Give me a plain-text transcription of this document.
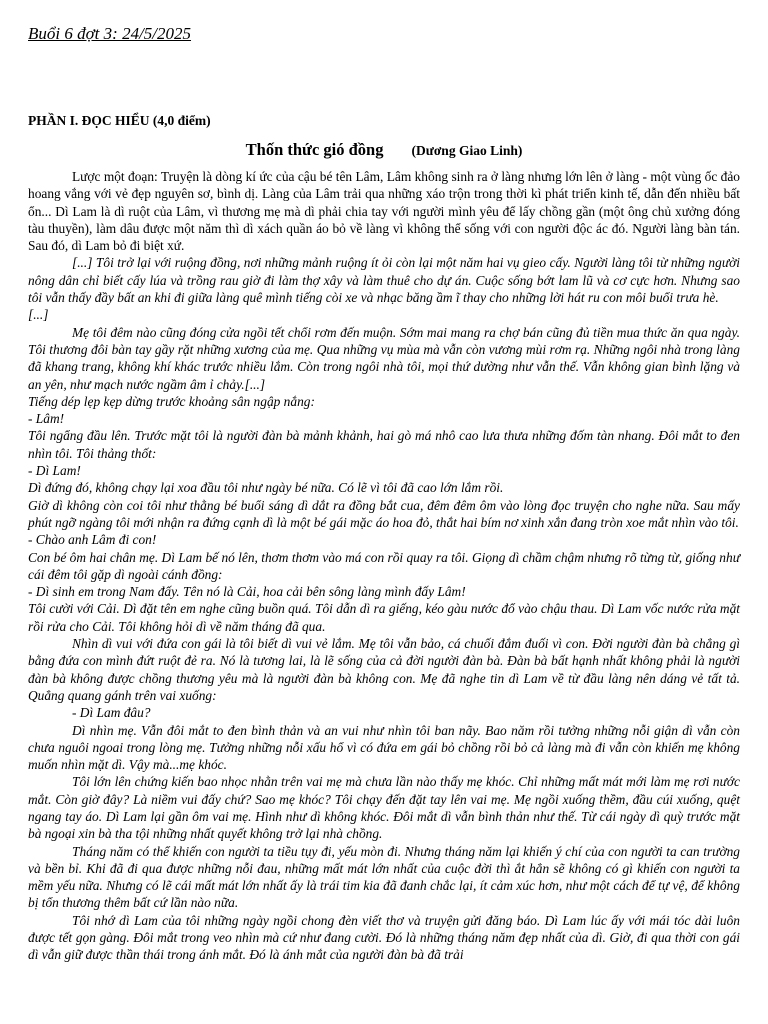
Buổi 6 đợt 3: 24/5/2025
PHẦN I. ĐỌC HIỂU (4,0 điểm)
Thốn thức gió đồng (Dương Giao Linh)

Lược một đoạn: Truyện là dòng kí ức của cậu bé tên Lâm, Lâm không sinh ra ở làng nhưng lớn lên ở làng - một vùng ốc đảo hoang vắng với vẻ đẹp nguyên sơ, bình dị. Làng của Lâm trải qua những xáo trộn trong thời kì phát triển kinh tế, dẫn đến nhiều bất ổn... Dì Lam là dì ruột của Lâm, vì thương mẹ mà dì phải chia tay với người mình yêu để lấy chồng gần (một ông chủ xưởng đóng tàu thuyền), làm dâu được một năm thì dì xách quần áo bỏ về làng vì không thể sống với con người độc ác đó. Người làng bàn tán. Sau đó, dì Lam bỏ đi biệt xứ.

[...] Tôi trở lại với ruộng đồng, nơi những mảnh ruộng ít ỏi còn lại một năm hai vụ gieo cấy. Người làng tôi từ những người nông dân chỉ biết cấy lúa và trồng rau giờ đi làm thợ xây và làm thuê cho dự án. Cuộc sống bớt lam lũ và cơ cực hơn. Nhưng sao tôi vẫn thấy đầy bất an khi đi giữa làng quê mình tiếng còi xe và nhạc băng ầm ĩ thay cho những lời hát ru con môi buổi trưa hè.

[...]

Mẹ tôi đêm nào cũng đóng cửa ngồi tết chổi rơm đến muộn. Sớm mai mang ra chợ bán cũng đủ tiền mua thức ăn qua ngày. Tôi thương đôi bàn tay gầy rặt những xương của mẹ. Qua những vụ mùa mà vẫn còn vương mùi rơm rạ. Những ngôi nhà trong làng đã khang trang, không khí khác trước nhiều lắm. Còn trong ngôi nhà tôi, mọi thứ dường như vẫn thế. Vẫn không gian bình lặng và an yên, như mạch nước ngầm âm ỉ chảy.[...]

Tiếng dép lẹp kẹp dừng trước khoảng sân ngập nắng:

- Lâm!

Tôi ngẩng đầu lên. Trước mặt tôi là người đàn bà mảnh khảnh, hai gò má nhô cao lưa thưa những đốm tàn nhang. Đôi mắt to đen nhìn tôi. Tôi thảng thốt:

- Dì Lam!

Dì đứng đó, không chạy lại xoa đầu tôi như ngày bé nữa. Có lẽ vì tôi đã cao lớn lắm rồi.

Giờ dì không còn coi tôi như thằng bé buổi sáng dì dắt ra đồng bắt cua, đêm đêm ôm vào lòng đọc truyện cho nghe nữa. Sau mấy phút ngỡ ngàng tôi mới nhận ra đứng cạnh dì là một bé gái mặc áo hoa đỏ, thắt hai bím nơ xinh xắn đang tròn xoe mắt nhìn vào tôi.

- Chào anh Lâm đi con!

Con bé ôm hai chân mẹ. Dì Lam bế nó lên, thơm thơm vào má con rồi quay ra tôi. Giọng dì chầm chậm nhưng rõ từng từ, giống như cái đêm tôi gặp dì ngoài cánh đồng:

- Dì sinh em trong Nam đấy. Tên nó là Cải, hoa cải bên sông làng mình đấy Lâm!

Tôi cười với Cải. Dì đặt tên em nghe cũng buồn quá. Tôi dẫn dì ra giếng, kéo gàu nước đổ vào chậu thau. Dì Lam vốc nước rửa mặt rồi rửa cho Cải. Tôi không hỏi dì về năm tháng đã qua.

Nhìn dì vui với đứa con gái là tôi biết dì vui vẻ lắm. Mẹ tôi vẫn bảo, cá chuối đắm đuối vì con. Đời người đàn bà chẳng gì bằng đứa con mình đứt ruột đẻ ra. Nó là tương lai, là lẽ sống của cả đời người đàn bà. Đàn bà bất hạnh nhất không phải là người đàn bà không được chồng thương yêu mà là người đàn bà không con. Mẹ đã nghe tin dì Lam về từ đầu làng nên dáng vẻ tất tả. Quẳng quang gánh trên vai xuống:

- Dì Lam đâu?

Dì nhìn mẹ. Vẫn đôi mắt to đen bình thản và an vui như nhìn tôi ban nãy. Bao năm rồi tưởng những nỗi giận dì vẫn còn chưa nguôi ngoai trong lòng mẹ. Tưởng những nỗi xấu hổ vì có đứa em gái bỏ chồng rồi bỏ cả làng mà đi vẫn còn khiến mẹ không muốn nhìn mặt dì. Vậy mà...mẹ khóc.

Tôi lớn lên chứng kiến bao nhọc nhằn trên vai mẹ mà chưa lần nào thấy mẹ khóc. Chỉ những mất mát mới làm mẹ rơi nước mắt. Còn giờ đây? Là niềm vui đấy chứ? Sao mẹ khóc? Tôi chạy đến đặt tay lên vai mẹ. Mẹ ngồi xuống thềm, đầu cúi xuống, quệt ngang tay áo. Dì Lam lại gần ôm vai mẹ. Hình như dì không khóc. Đôi mắt dì vẫn bình thản như thế. Từ cái ngày dì quỳ trước mặt bà ngoại xin bà tha tội những nhất quyết không trở lại nhà chồng.

Tháng năm có thể khiến con người ta tiều tụy đi, yếu mòn đi. Nhưng tháng năm lại khiến ý chí của con người ta can trường và bền bỉ. Khi đã đi qua được những nỗi đau, những mất mát lớn nhất của cuộc đời thì ắt hẳn sẽ không có gì khiến con người ta mềm yếu nữa. Nhưng có lẽ cái mất mát lớn nhất ấy là trái tim kia đã đanh chắc lại, ít cảm xúc hơn, như một cách để tự vệ, để không bị tổn thương thêm bất cứ lần nào nữa.

Tôi nhớ dì Lam của tôi những ngày ngồi chong đèn viết thơ và truyện gửi đăng báo. Dì Lam lúc ấy với mái tóc dài luôn được tết gọn gàng. Đôi mắt trong veo nhìn mà cứ như đang cười. Đó là những tháng năm đẹp nhất của dì. Giờ, đi qua thời con gái dì vẫn giữ được thần thái trong ánh mắt. Đó là ánh mắt của người đàn bà đã trải
